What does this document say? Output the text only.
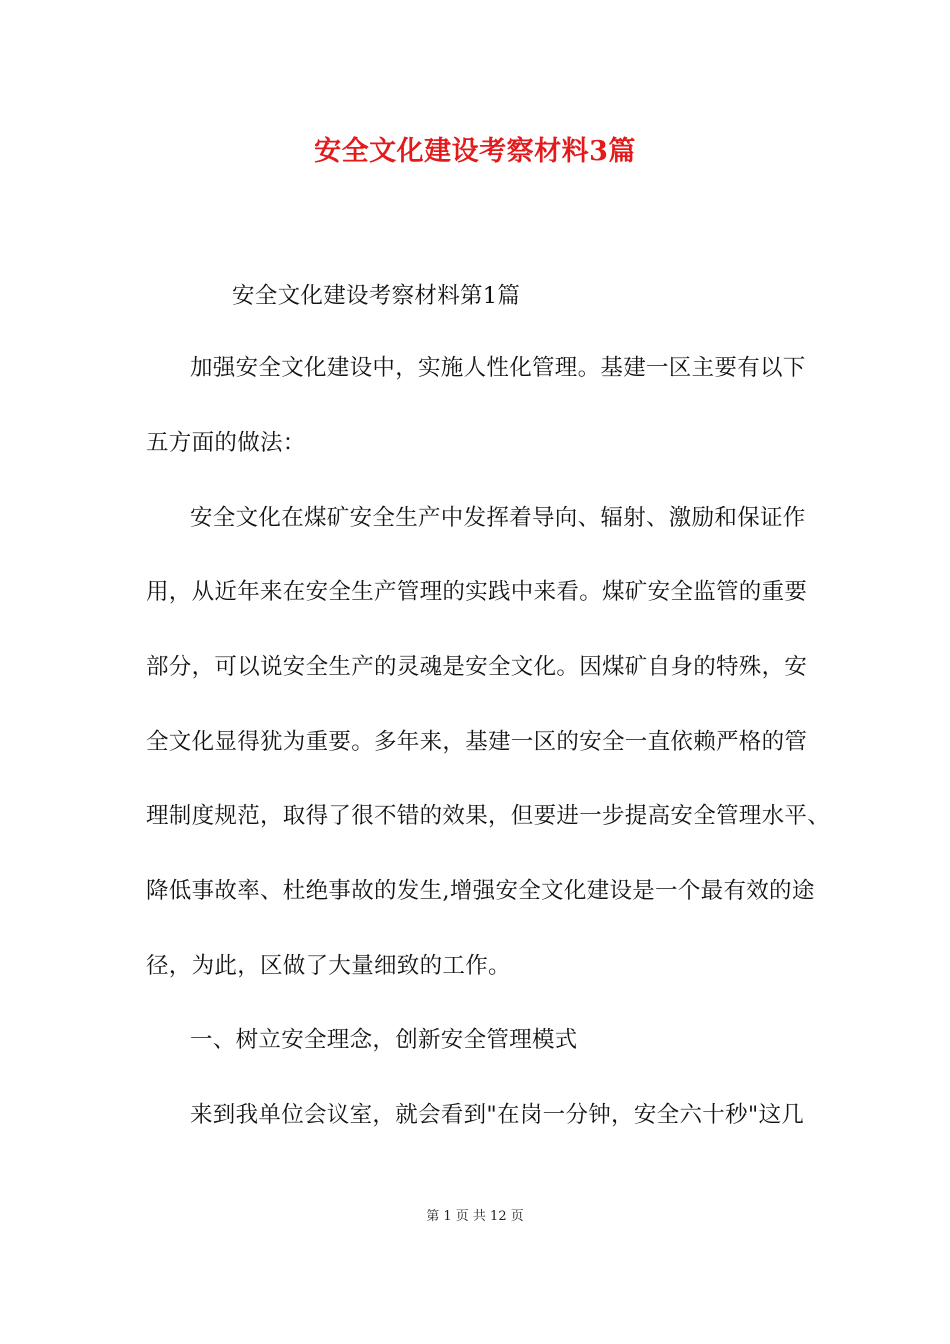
安全文化建设考察材料3篇
安全文化建设考察材料第1篇
加强安全文化建设中，实施人性化管理。基建一区主要有以下
五方面的做法：
安全文化在煤矿安全生产中发挥着导向、辐射、激励和保证作
用，从近年来在安全生产管理的实践中来看。煤矿安全监管的重要
部分，可以说安全生产的灵魂是安全文化。因煤矿自身的特殊，安
全文化显得犹为重要。多年来，基建一区的安全一直依赖严格的管
理制度规范，取得了很不错的效果，但要进一步提高安全管理水平、
降低事故率、杜绝事故的发生,增强安全文化建设是一个最有效的途
径，为此，区做了大量细致的工作。
一、树立安全理念，创新安全管理模式
来到我单位会议室，就会看到"在岗一分钟，安全六十秒"这几
第 1 页 共 12 页
